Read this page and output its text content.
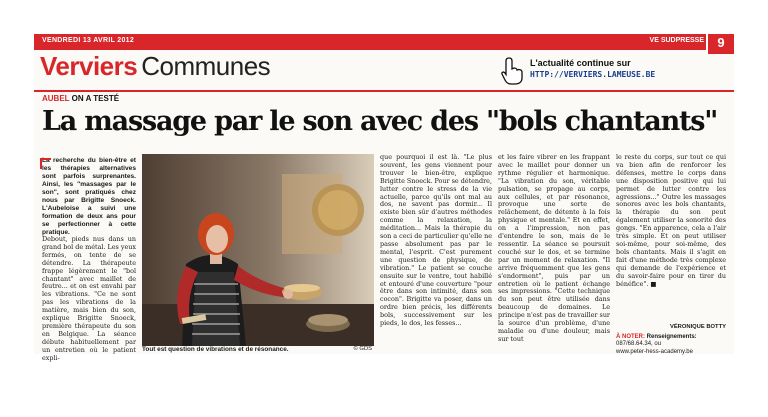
VENDREDI 13 AVRIL 2012	VE SUDPRESSE	9
Verviers Communes	L'actualité continue sur
HTTP://VERVIERS.LAMEUSE.BE
AUBEL ON A TESTÉ
La massage par le son avec des "bols chantants"
La recherche du bien-être et les thérapies alternatives sont parfois surprenantes. Ainsi, les "massages par le son", sont pratiqués chez nous par Brigitte Snoeck. L'Aubeloise a suivi une formation de deux ans pour se perfectionner à cette pratique.
Debout, pieds nus dans un grand bol de métal. Les yeux fermés, on tente de se détendre. La thérapeute frappe légèrement le "bol chantant" avec maillet de feutre... et on est envahi par les vibrations. "Ce ne sont pas les vibrations de la matière, mais bien du son, explique Brigitte Snoeck, première thérapeute du son en Belgique. La séance débute habituellement par un entretien où le patient expli-
Tout est question de vibrations et de résonance.	© GDS
que pourquoi il est là. "Le plus souvent, les gens viennent pour trouver le bien-être, explique Brigitte Snoeck. Pour se détendre, lutter contre le stress de la vie actuelle, parce qu'ils ont mal au dos, ne savent pas dormir... Il existe bien sûr d'autres méthodes comme la relaxation, la méditation... Mais la thérapie du son a ceci de particulier qu'elle ne passe absolument pas par le mental, l'esprit. C'est purement une question de physique, de vibration." Le patient se couche ensuite sur le ventre, tout habillé et entouré d'une couverture "pour être dans son intimité, dans son cocon". Brigitte va poser, dans un ordre bien précis, les différents bols, successivement sur les pieds, le dos, les fesses...
et les faire vibrer en les frappant avec le maillet pour donner un rythme régulier et harmonique. "La vibration du son, véritable pulsation, se propage au corps, aux cellules, et par résonance, provoque une sorte de relâchement, de détente à la fois physique et mentale." Et en effet, on a l'impression, non pas d'entendre le son, mais de le ressentir. La séance se poursuit couché sur le dos, et se termine par un moment de relaxation. "Il arrive fréquemment que les gens s'endorment", puis par un entretien où le patient échange ses impressions. "Cette technique du son peut être utilisée dans beaucoup de domaines. Le principe n'est pas de travailler sur la source d'un problème, d'une maladie ou d'une douleur, mais sur tout
le reste du corps, sur tout ce qui va bien afin de renforcer les défenses, mettre le corps dans une disposition positive qui lui permet de lutter contre les agressions..." Outre les massages sonores avec les bols chantants, la thérapie du son peut également utiliser la sonorité des gongs. "En apparence, cela a l'air très simple. Et on peut utiliser soi-même, pour soi-même, des bols chantants. Mais il s'agit en fait d'une méthode très complexe qui demande de l'expérience et du savoir-faire pour en tirer du bénéfice". ■
VÉRONIQUE BOTTY
À NOTER: Renseignements:
087/68.64.34, ou
www.peter-hess-academy.be
